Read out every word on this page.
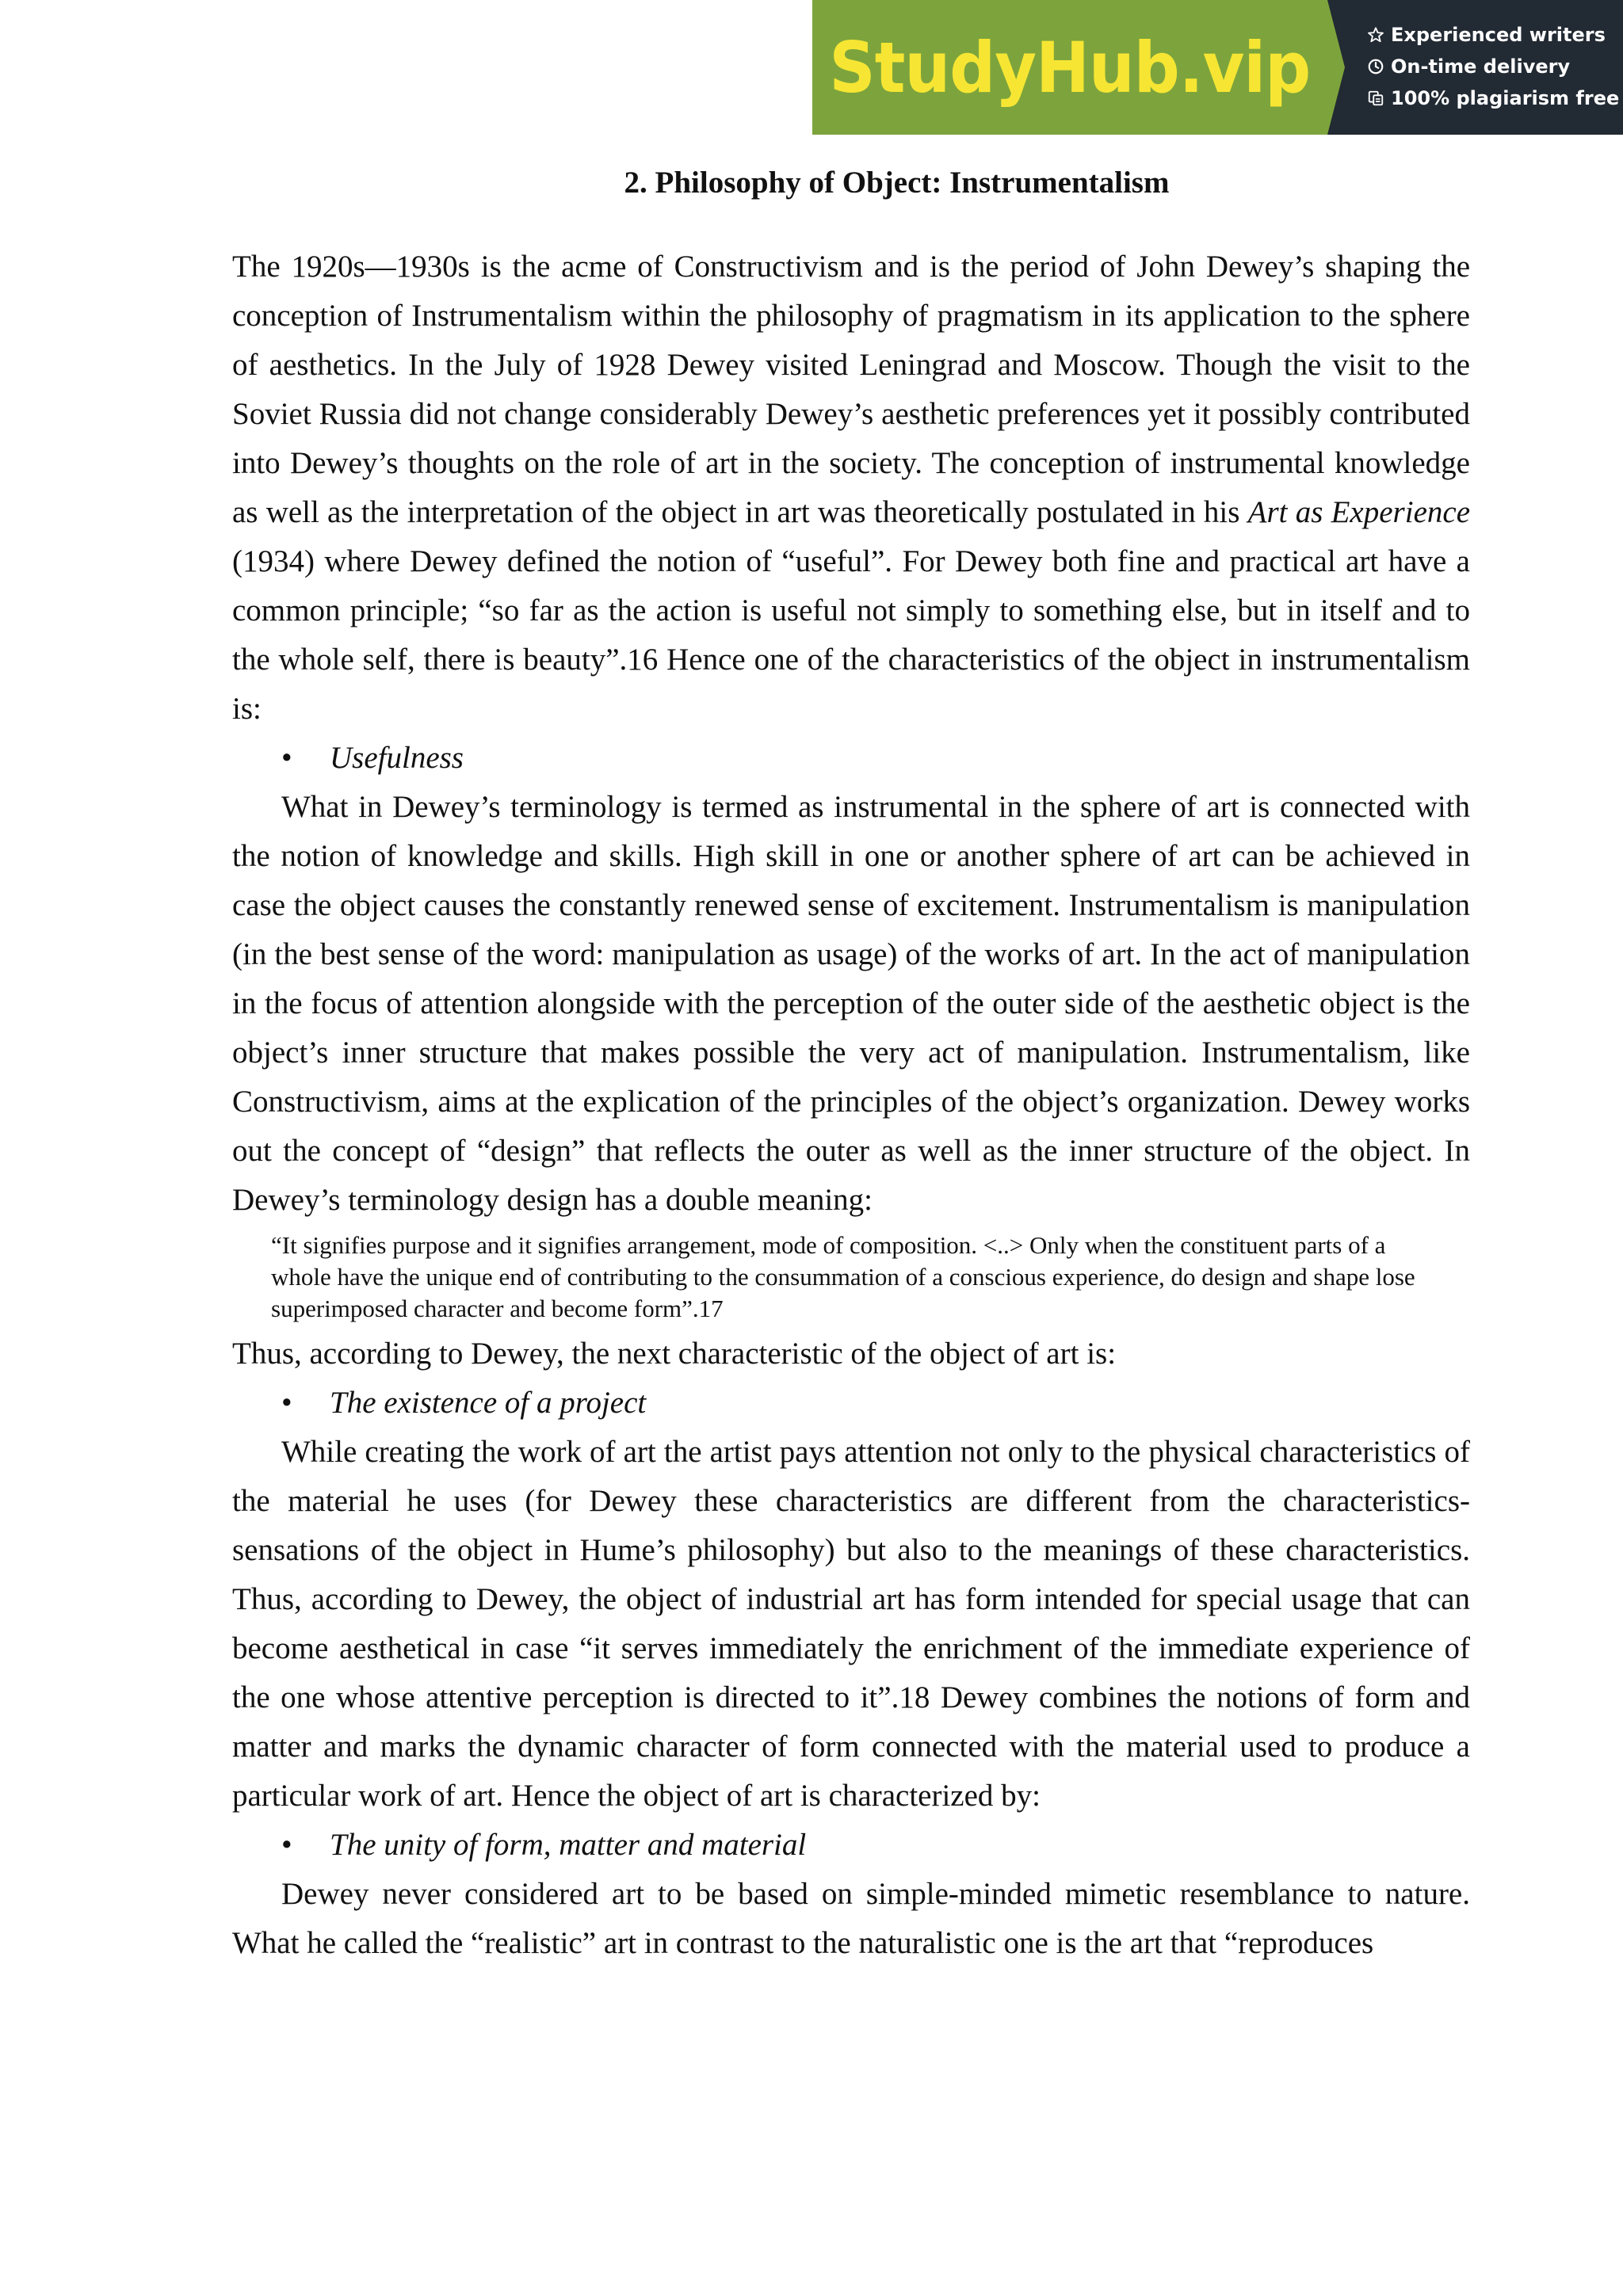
StudyHub.vip	Experienced writers
On-time delivery
100% plagiarism free
2. Philosophy of Object: Instrumentalism

The 1920s—1930s is the acme of Constructivism and is the period of John Dewey’s shaping the conception of Instrumentalism within the philosophy of pragmatism in its application to the sphere of aesthetics. In the July of 1928 Dewey visited Leningrad and Moscow. Though the visit to the Soviet Russia did not change considerably Dewey’s aesthetic preferences yet it possibly contributed into Dewey’s thoughts on the role of art in the society. The conception of instrumental knowledge as well as the interpretation of the object in art was theoretically postulated in his Art as Experience (1934) where Dewey defined the notion of “useful”. For Dewey both fine and practical art have a common principle; “so far as the action is useful not simply to something else, but in itself and to the whole self, there is beauty”.16 Hence one of the characteristics of the object in instrumentalism is:

• Usefulness

What in Dewey’s terminology is termed as instrumental in the sphere of art is connected with the notion of knowledge and skills. High skill in one or another sphere of art can be achieved in case the object causes the constantly renewed sense of excitement. Instrumentalism is manipulation (in the best sense of the word: manipulation as usage) of the works of art. In the act of manipulation in the focus of attention alongside with the perception of the outer side of the aesthetic object is the object’s inner structure that makes possible the very act of manipulation. Instrumentalism, like Constructivism, aims at the explication of the principles of the object’s organization. Dewey works out the concept of “design” that reflects the outer as well as the inner structure of the object. In Dewey’s terminology design has a double meaning:

“It signifies purpose and it signifies arrangement, mode of composition. <..> Only when the constituent parts of a whole have the unique end of contributing to the consummation of a conscious experience, do design and shape lose superimposed character and become form”.17

Thus, according to Dewey, the next characteristic of the object of art is:

• The existence of a project

While creating the work of art the artist pays attention not only to the physical characteristics of the material he uses (for Dewey these characteristics are different from the characteristics-sensations of the object in Hume’s philosophy) but also to the meanings of these characteristics. Thus, according to Dewey, the object of industrial art has form intended for special usage that can become aesthetical in case “it serves immediately the enrichment of the immediate experience of the one whose attentive perception is directed to it”.18 Dewey combines the notions of form and matter and marks the dynamic character of form connected with the material used to produce a particular work of art. Hence the object of art is characterized by:

• The unity of form, matter and material

Dewey never considered art to be based on simple-minded mimetic resemblance to nature. What he called the “realistic” art in contrast to the naturalistic one is the art that “reproduces
